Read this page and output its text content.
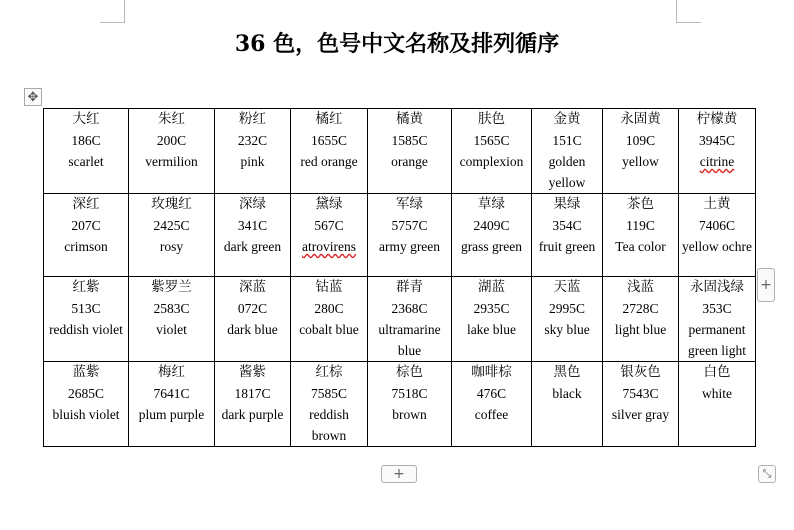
36 色，色号中文名称及排列循序
✥
大红
186C
scarlet	朱红
200C
vermilion	粉红
232C
pink	橘红
1655C
red orange	橘黄
1585C
orange	肤色
1565C
complexion	金黄
151C
golden yellow	永固黄
109C
yellow	柠檬黄
3945C
citrine

深红
207C
crimson	玫瑰红
2425C
rosy	深绿
341C
dark green	黛绿
567C
atrovirens	军绿
5757C
army green	草绿
2409C
grass green	果绿
354C
fruit green	茶色
119C
Tea color	土黄
7406C
yellow ochre

红紫
513C
reddish violet	紫罗兰
2583C
violet	深蓝
072C
dark blue	钴蓝
280C
cobalt blue	群青
2368C
ultramarine blue	湖蓝
2935C
lake blue	天蓝
2995C
sky blue	浅蓝
2728C
light blue	永固浅绿
353C
permanent green light

蓝紫
2685C
bluish violet	梅红
7641C
plum purple	酱紫
1817C
dark purple	红棕
7585C
reddish brown	棕色
7518C
brown	咖啡棕
476C
coffee	黑色
black	银灰色
7543C
silver gray	白色
white
+
+	⤡
